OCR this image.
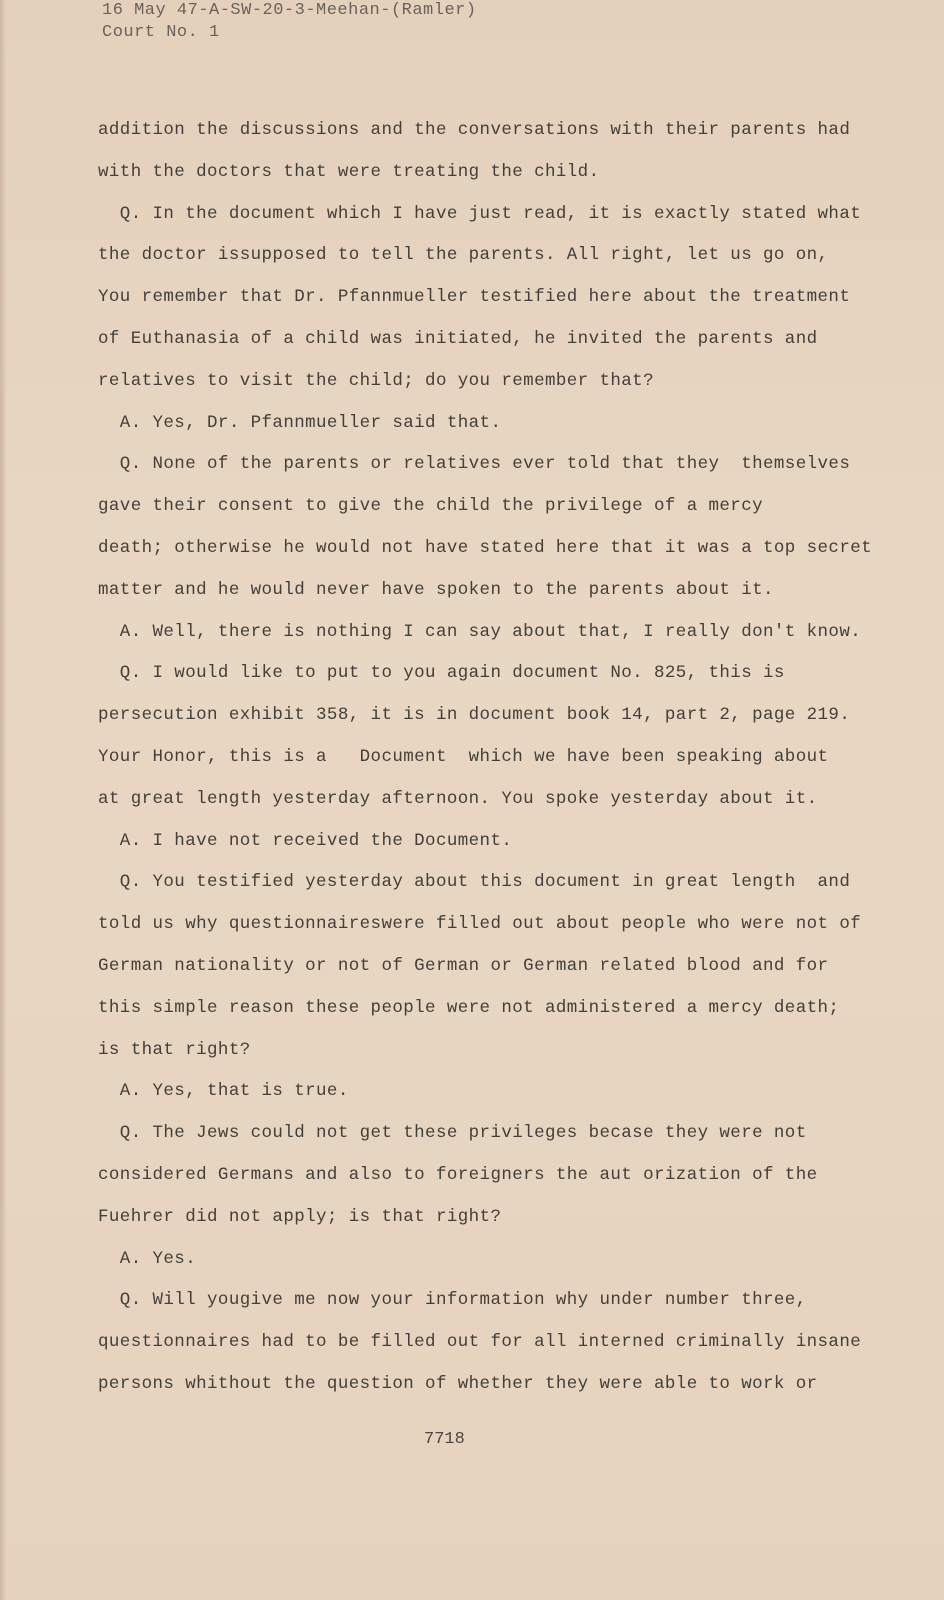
16 May 47-A-SW-20-3-Meehan-(Ramler)
Court No. 1
addition the discussions and the conversations with their parents had
with the doctors that were treating the child.
Q. In the document which I have just read, it is exactly stated what
the doctor issupposed to tell the parents. All right, let us go on,
You remember that Dr. Pfannmueller testified here about the treatment
of Euthanasia of a child was initiated, he invited the parents and
relatives to visit the child; do you remember that?
A. Yes, Dr. Pfannmueller said that.
Q. None of the parents or relatives ever told that they  themselves
gave their consent to give the child the privilege of a mercy
death; otherwise he would not have stated here that it was a top secret
matter and he would never have spoken to the parents about it.
A. Well, there is nothing I can say about that, I really don't know.
Q. I would like to put to you again document No. 825, this is
persecution exhibit 358, it is in document book 14, part 2, page 219.
Your Honor, this is a   Document  which we have been speaking about
at great length yesterday afternoon. You spoke yesterday about it.
A. I have not received the Document.
Q. You testified yesterday about this document in great length  and
told us why questionnaireswere filled out about people who were not of
German nationality or not of German or German related blood and for
this simple reason these people were not administered a mercy death;
is that right?
A. Yes, that is true.
Q. The Jews could not get these privileges becase they were not
considered Germans and also to foreigners the aut orization of the
Fuehrer did not apply; is that right?
A. Yes.
Q. Will yougive me now your information why under number three,
questionnaires had to be filled out for all interned criminally insane
persons whithout the question of whether they were able to work or
7718
